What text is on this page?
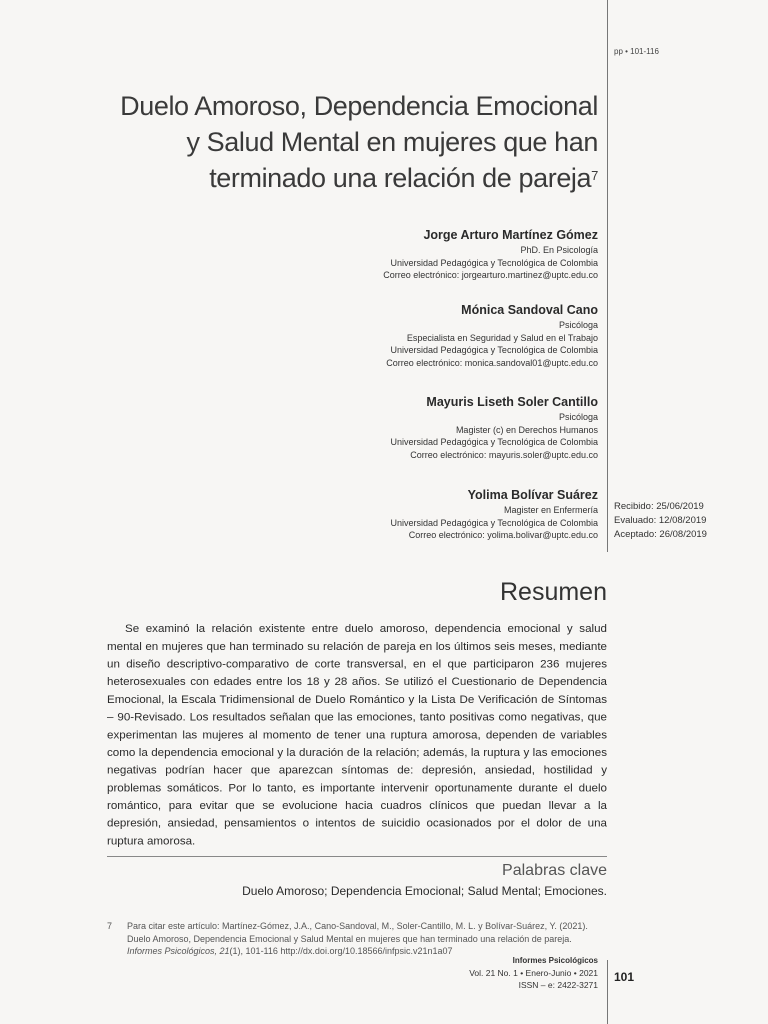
pp • 101-116
Duelo Amoroso, Dependencia Emocional
y Salud Mental en mujeres que han
terminado una relación de pareja$^7$
Jorge Arturo Martínez Gómez
PhD. En Psicología
Universidad Pedagógica y Tecnológica de Colombia
Correo electrónico: jorgearturo.martinez@uptc.edu.co
Mónica Sandoval Cano
Psicóloga
Especialista en Seguridad y Salud en el Trabajo
Universidad Pedagógica y Tecnológica de Colombia
Correo electrónico: monica.sandoval01@uptc.edu.co
Mayuris Liseth Soler Cantillo
Psicóloga
Magister (c) en Derechos Humanos
Universidad Pedagógica y Tecnológica de Colombia
Correo electrónico: mayuris.soler@uptc.edu.co
Yolima Bolívar Suárez
Magister en Enfermería
Universidad Pedagógica y Tecnológica de Colombia
Correo electrónico: yolima.bolivar@uptc.edu.co
Recibido: 25/06/2019
Evaluado: 12/08/2019
Aceptado: 26/08/2019
Resumen

Se examinó la relación existente entre duelo amoroso, dependencia emocional y salud mental en mujeres que han terminado su relación de pareja en los últimos seis meses, mediante un diseño descriptivo-comparativo de corte transversal, en el que participaron 236 mujeres heterosexuales con edades entre los 18 y 28 años. Se utilizó el Cuestionario de Dependencia Emocional, la Escala Tridimensional de Duelo Romántico y la Lista De Verificación de Síntomas – 90-Revisado. Los resultados señalan que las emociones, tanto positivas como negativas, que experimentan las mujeres al momento de tener una ruptura amorosa, dependen de variables como la dependencia emocional y la duración de la relación; además, la ruptura y las emociones negativas podrían hacer que aparezcan síntomas de: depresión, ansiedad, hostilidad y problemas somáticos. Por lo tanto, es importante intervenir oportunamente durante el duelo romántico, para evitar que se evolucione hacia cuadros clínicos que puedan llevar a la depresión, ansiedad, pensamientos o intentos de suicidio ocasionados por el dolor de una ruptura amorosa.

Palabras clave
Duelo Amoroso; Dependencia Emocional; Salud Mental; Emociones.
7 Para citar este artículo: Martínez-Gómez, J.A., Cano-Sandoval, M., Soler-Cantillo, M. L. y Bolívar-Suárez, Y. (2021). Duelo Amoroso, Dependencia Emocional y Salud Mental en mujeres que han terminado una relación de pareja. Informes Psicológicos, 21(1), 101-116 http://dx.doi.org/10.18566/infpsic.v21n1a07
Informes Psicológicos
Vol. 21 No. 1 • Enero-Junio • 2021
ISSN – e: 2422-3271
101
